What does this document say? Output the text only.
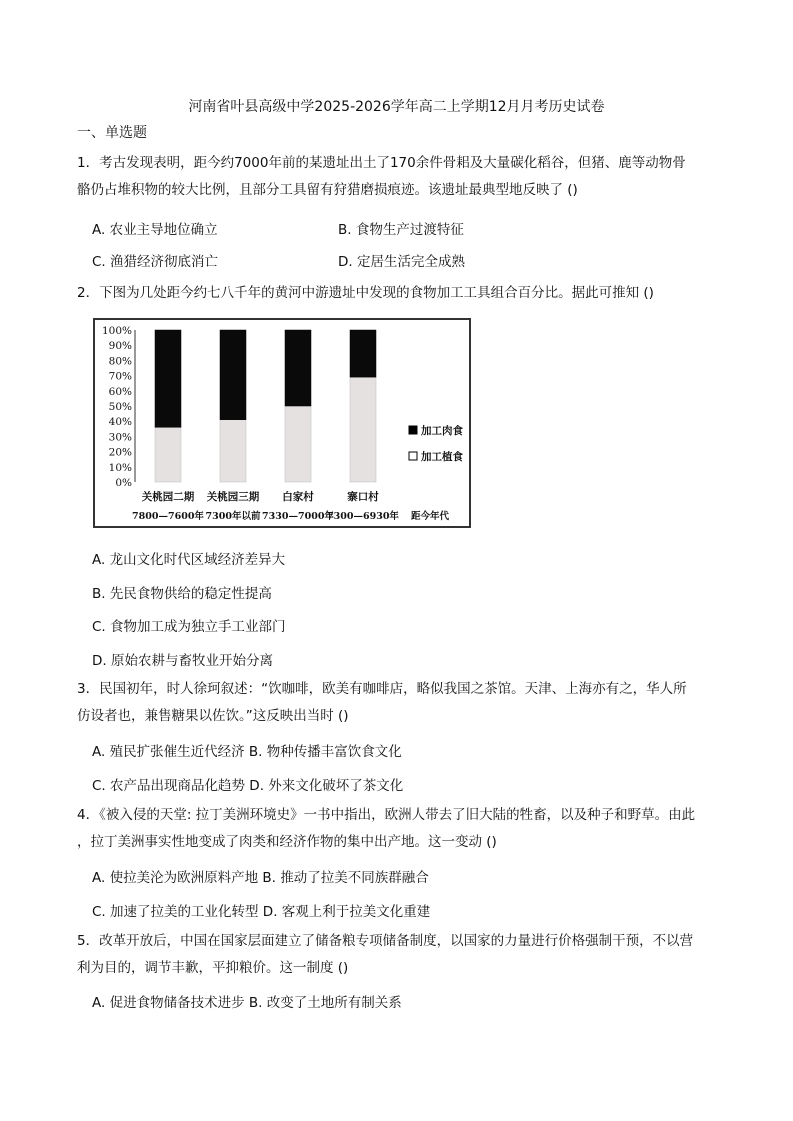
河南省叶县高级中学2025-2026学年高二上学期12月月考历史试卷
一、单选题
1．考古发现表明，距今约7000年前的某遗址出土了170余件骨耜及大量碳化稻谷，但猪、鹿等动物骨
骼仍占堆积物的较大比例，且部分工具留有狩猎磨损痕迹。该遗址最典型地反映了 ()
A. 农业主导地位确立	B. 食物生产过渡特征
C. 渔猎经济彻底消亡	D. 定居生活完全成熟
2．下图为几处距今约七八千年的黄河中游遗址中发现的食物加工工具组合百分比。据此可推知 ()
0%
10%
20%
30%
40%
50%
60%
70%
80%
90%
100%
关桃园二期
7800—7600年
关桃园三期
7300年以前
白家村
7330—7000年
寨口村
7300—6930年 距今年代
加工肉食
加工植食
A. 龙山文化时代区域经济差异大
B. 先民食物供给的稳定性提高
C. 食物加工成为独立手工业部门
D. 原始农耕与畜牧业开始分离
3．民国初年，时人徐珂叙述：“饮咖啡，欧美有咖啡店，略似我国之茶馆。天津、上海亦有之，华人所
仿设者也，兼售糖果以佐饮。”这反映出当时 ()
A. 殖民扩张催生近代经济 B. 物种传播丰富饮食文化
C. 农产品出现商品化趋势 D. 外来文化破坏了茶文化
4．《被入侵的天堂: 拉丁美洲环境史》一书中指出，欧洲人带去了旧大陆的牲畜，以及种子和野草。由此
，拉丁美洲事实性地变成了肉类和经济作物的集中出产地。这一变动 ()
A. 使拉美沦为欧洲原料产地 B. 推动了拉美不同族群融合
C. 加速了拉美的工业化转型 D. 客观上利于拉美文化重建
5．改革开放后，中国在国家层面建立了储备粮专项储备制度，以国家的力量进行价格强制干预，不以营
利为目的，调节丰歉，平抑粮价。这一制度 ()
A. 促进食物储备技术进步 B. 改变了土地所有制关系
